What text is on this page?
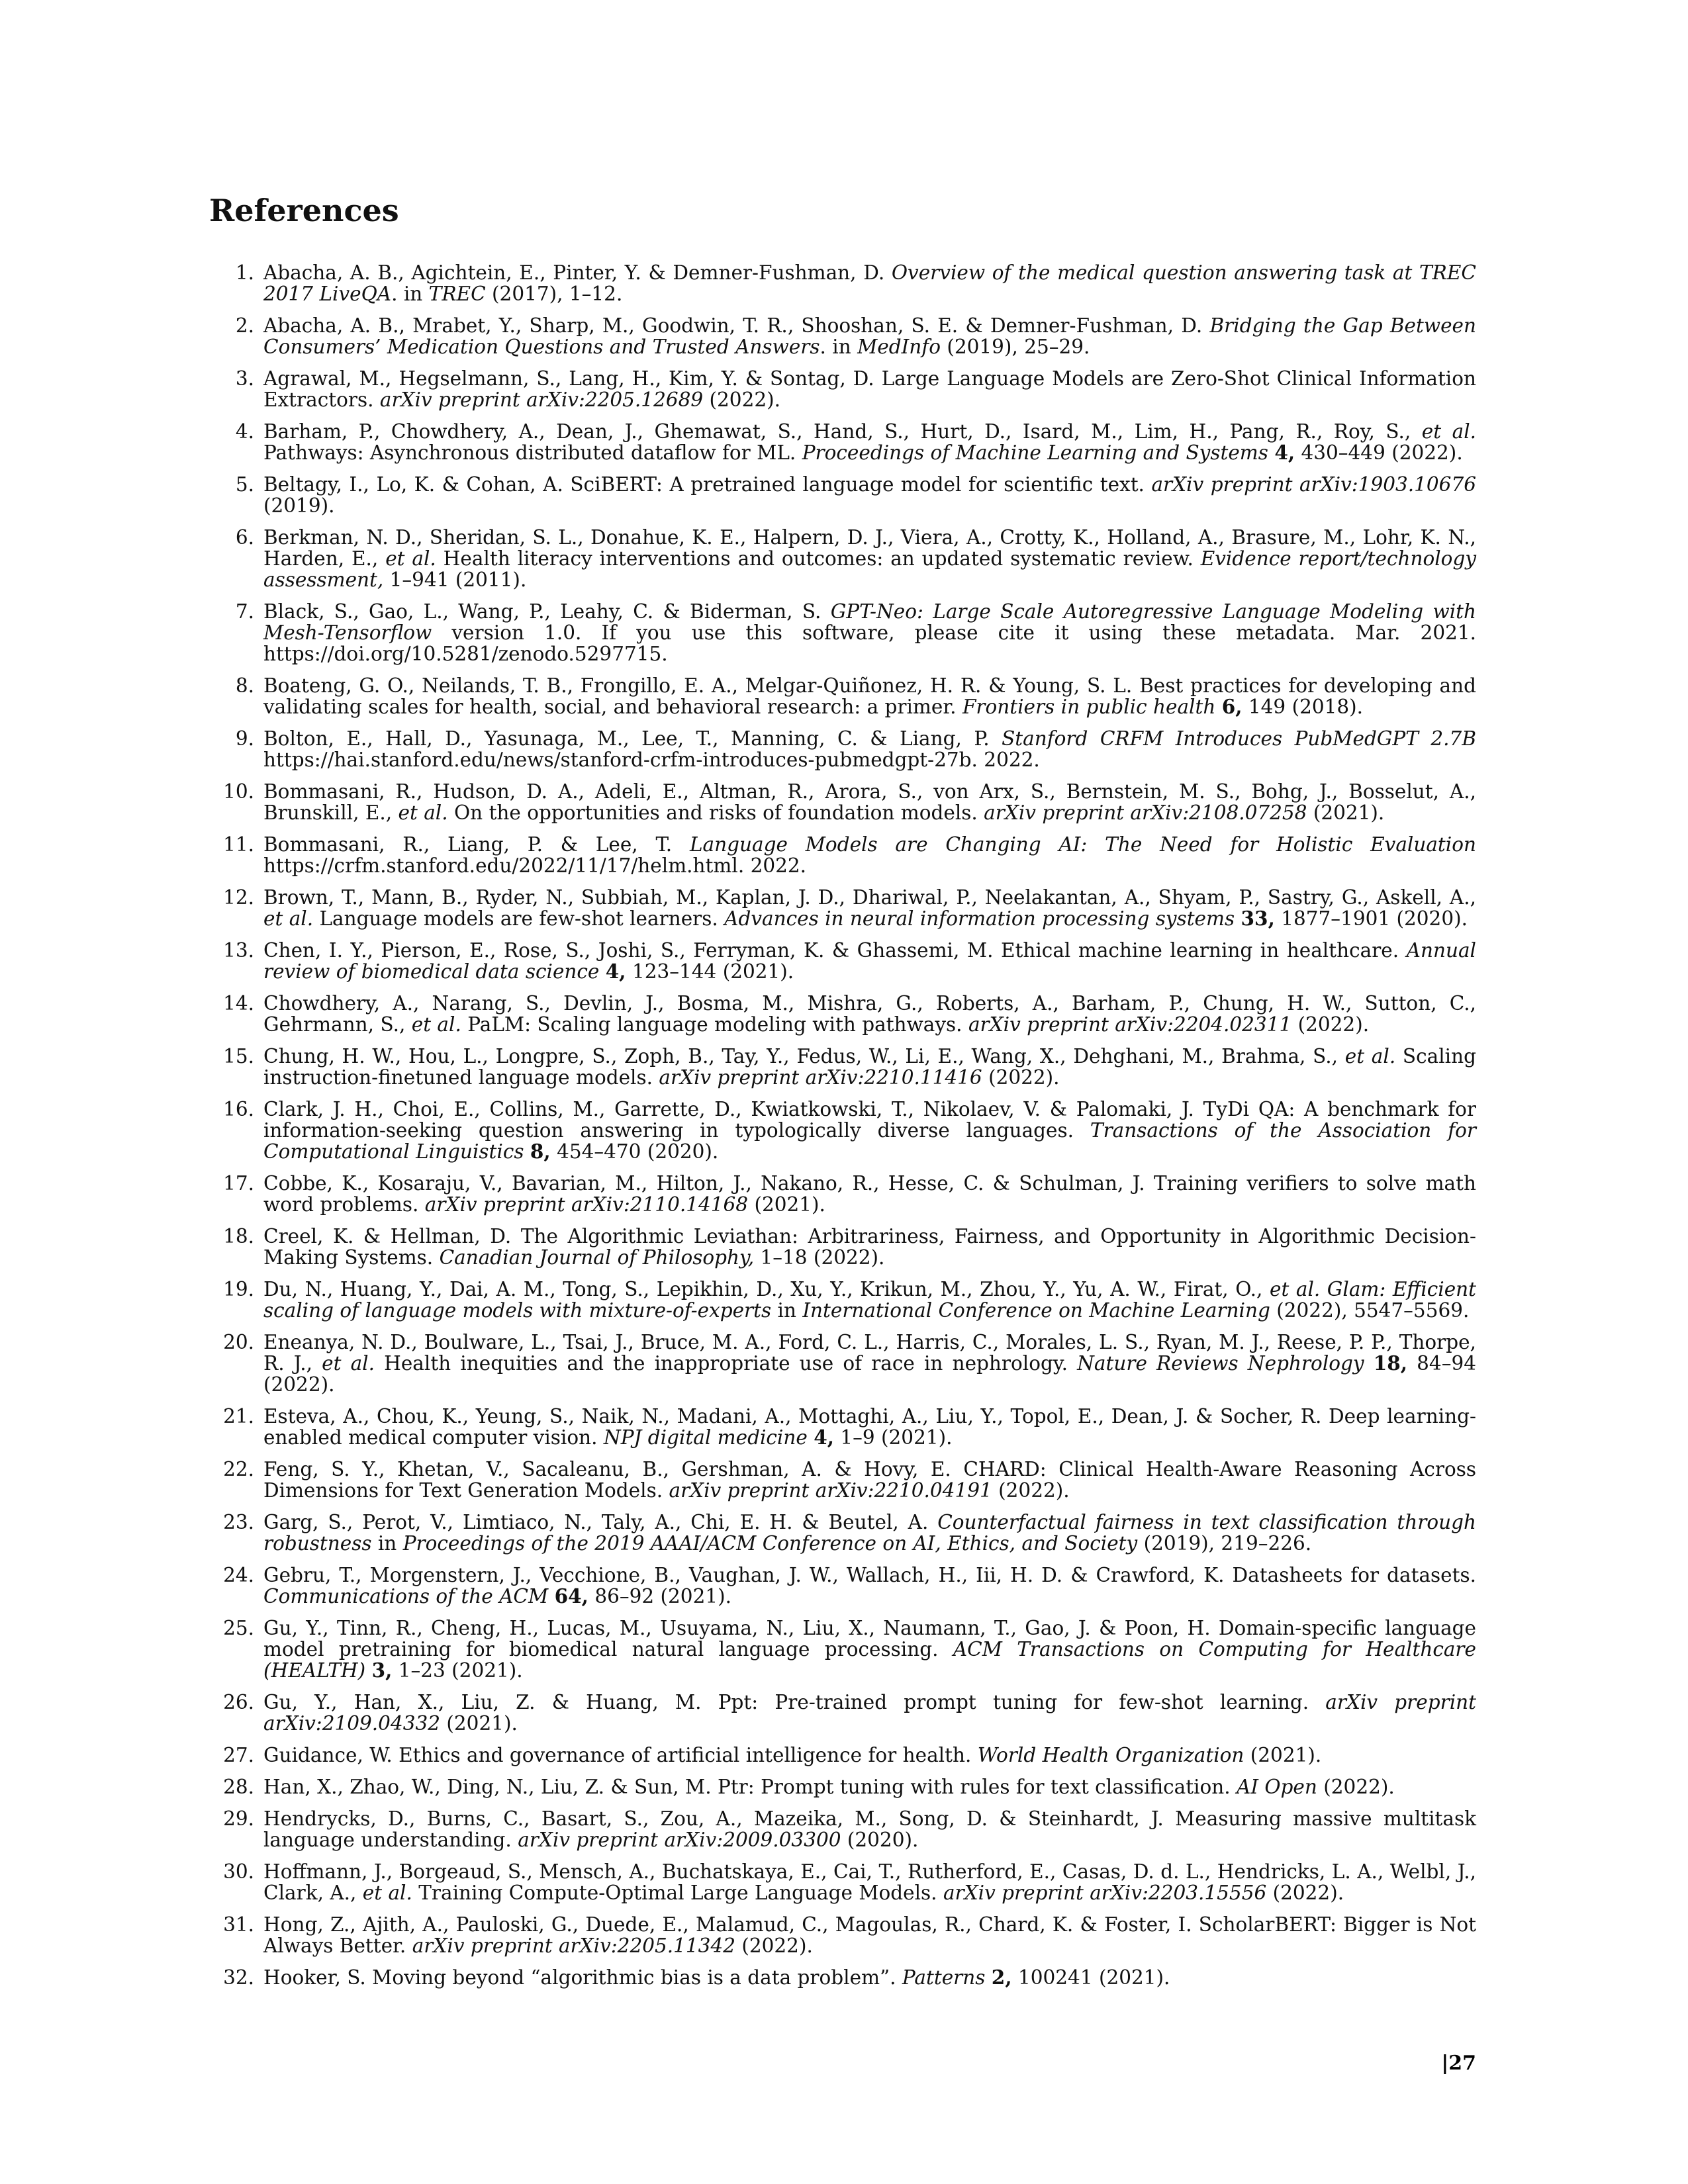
References
1. Abacha, A. B., Agichtein, E., Pinter, Y. & Demner-Fushman, D. Overview of the medical question answering task at TREC 2017 LiveQA. in TREC (2017), 1–12.
2. Abacha, A. B., Mrabet, Y., Sharp, M., Goodwin, T. R., Shooshan, S. E. & Demner-Fushman, D. Bridging the Gap Between Consumers’ Medication Questions and Trusted Answers. in MedInfo (2019), 25–29.
3. Agrawal, M., Hegselmann, S., Lang, H., Kim, Y. & Sontag, D. Large Language Models are Zero-Shot Clinical Information Extractors. arXiv preprint arXiv:2205.12689 (2022).
4. Barham, P., Chowdhery, A., Dean, J., Ghemawat, S., Hand, S., Hurt, D., Isard, M., Lim, H., Pang, R., Roy, S., et al. Pathways: Asynchronous distributed dataflow for ML. Proceedings of Machine Learning and Systems 4, 430–449 (2022).
5. Beltagy, I., Lo, K. & Cohan, A. SciBERT: A pretrained language model for scientific text. arXiv preprint arXiv:1903.10676 (2019).
6. Berkman, N. D., Sheridan, S. L., Donahue, K. E., Halpern, D. J., Viera, A., Crotty, K., Holland, A., Brasure, M., Lohr, K. N., Harden, E., et al. Health literacy interventions and outcomes: an updated systematic review. Evidence report/technology assessment, 1–941 (2011).
7. Black, S., Gao, L., Wang, P., Leahy, C. & Biderman, S. GPT-Neo: Large Scale Autoregressive Language Modeling with Mesh-Tensorflow version 1.0. If you use this software, please cite it using these metadata. Mar. 2021. https://doi.org/10.5281/zenodo.5297715.
8. Boateng, G. O., Neilands, T. B., Frongillo, E. A., Melgar-Quiñonez, H. R. & Young, S. L. Best practices for developing and validating scales for health, social, and behavioral research: a primer. Frontiers in public health 6, 149 (2018).
9. Bolton, E., Hall, D., Yasunaga, M., Lee, T., Manning, C. & Liang, P. Stanford CRFM Introduces PubMedGPT 2.7B https://hai.stanford.edu/news/stanford-crfm-introduces-pubmedgpt-27b. 2022.
10. Bommasani, R., Hudson, D. A., Adeli, E., Altman, R., Arora, S., von Arx, S., Bernstein, M. S., Bohg, J., Bosselut, A., Brunskill, E., et al. On the opportunities and risks of foundation models. arXiv preprint arXiv:2108.07258 (2021).
11. Bommasani, R., Liang, P. & Lee, T. Language Models are Changing AI: The Need for Holistic Evaluation https://crfm.stanford.edu/2022/11/17/helm.html. 2022.
12. Brown, T., Mann, B., Ryder, N., Subbiah, M., Kaplan, J. D., Dhariwal, P., Neelakantan, A., Shyam, P., Sastry, G., Askell, A., et al. Language models are few-shot learners. Advances in neural information processing systems 33, 1877–1901 (2020).
13. Chen, I. Y., Pierson, E., Rose, S., Joshi, S., Ferryman, K. & Ghassemi, M. Ethical machine learning in healthcare. Annual review of biomedical data science 4, 123–144 (2021).
14. Chowdhery, A., Narang, S., Devlin, J., Bosma, M., Mishra, G., Roberts, A., Barham, P., Chung, H. W., Sutton, C., Gehrmann, S., et al. PaLM: Scaling language modeling with pathways. arXiv preprint arXiv:2204.02311 (2022).
15. Chung, H. W., Hou, L., Longpre, S., Zoph, B., Tay, Y., Fedus, W., Li, E., Wang, X., Dehghani, M., Brahma, S., et al. Scaling instruction-finetuned language models. arXiv preprint arXiv:2210.11416 (2022).
16. Clark, J. H., Choi, E., Collins, M., Garrette, D., Kwiatkowski, T., Nikolaev, V. & Palomaki, J. TyDi QA: A benchmark for information-seeking question answering in typologically diverse languages. Transactions of the Association for Computational Linguistics 8, 454–470 (2020).
17. Cobbe, K., Kosaraju, V., Bavarian, M., Hilton, J., Nakano, R., Hesse, C. & Schulman, J. Training verifiers to solve math word problems. arXiv preprint arXiv:2110.14168 (2021).
18. Creel, K. & Hellman, D. The Algorithmic Leviathan: Arbitrariness, Fairness, and Opportunity in Algorithmic Decision-Making Systems. Canadian Journal of Philosophy, 1–18 (2022).
19. Du, N., Huang, Y., Dai, A. M., Tong, S., Lepikhin, D., Xu, Y., Krikun, M., Zhou, Y., Yu, A. W., Firat, O., et al. Glam: Efficient scaling of language models with mixture-of-experts in International Conference on Machine Learning (2022), 5547–5569.
20. Eneanya, N. D., Boulware, L., Tsai, J., Bruce, M. A., Ford, C. L., Harris, C., Morales, L. S., Ryan, M. J., Reese, P. P., Thorpe, R. J., et al. Health inequities and the inappropriate use of race in nephrology. Nature Reviews Nephrology 18, 84–94 (2022).
21. Esteva, A., Chou, K., Yeung, S., Naik, N., Madani, A., Mottaghi, A., Liu, Y., Topol, E., Dean, J. & Socher, R. Deep learning-enabled medical computer vision. NPJ digital medicine 4, 1–9 (2021).
22. Feng, S. Y., Khetan, V., Sacaleanu, B., Gershman, A. & Hovy, E. CHARD: Clinical Health-Aware Reasoning Across Dimensions for Text Generation Models. arXiv preprint arXiv:2210.04191 (2022).
23. Garg, S., Perot, V., Limtiaco, N., Taly, A., Chi, E. H. & Beutel, A. Counterfactual fairness in text classification through robustness in Proceedings of the 2019 AAAI/ACM Conference on AI, Ethics, and Society (2019), 219–226.
24. Gebru, T., Morgenstern, J., Vecchione, B., Vaughan, J. W., Wallach, H., Iii, H. D. & Crawford, K. Datasheets for datasets. Communications of the ACM 64, 86–92 (2021).
25. Gu, Y., Tinn, R., Cheng, H., Lucas, M., Usuyama, N., Liu, X., Naumann, T., Gao, J. & Poon, H. Domain-specific language model pretraining for biomedical natural language processing. ACM Transactions on Computing for Healthcare (HEALTH) 3, 1–23 (2021).
26. Gu, Y., Han, X., Liu, Z. & Huang, M. Ppt: Pre-trained prompt tuning for few-shot learning. arXiv preprint arXiv:2109.04332 (2021).
27. Guidance, W. Ethics and governance of artificial intelligence for health. World Health Organization (2021).
28. Han, X., Zhao, W., Ding, N., Liu, Z. & Sun, M. Ptr: Prompt tuning with rules for text classification. AI Open (2022).
29. Hendrycks, D., Burns, C., Basart, S., Zou, A., Mazeika, M., Song, D. & Steinhardt, J. Measuring massive multitask language understanding. arXiv preprint arXiv:2009.03300 (2020).
30. Hoffmann, J., Borgeaud, S., Mensch, A., Buchatskaya, E., Cai, T., Rutherford, E., Casas, D. d. L., Hendricks, L. A., Welbl, J., Clark, A., et al. Training Compute-Optimal Large Language Models. arXiv preprint arXiv:2203.15556 (2022).
31. Hong, Z., Ajith, A., Pauloski, G., Duede, E., Malamud, C., Magoulas, R., Chard, K. & Foster, I. ScholarBERT: Bigger is Not Always Better. arXiv preprint arXiv:2205.11342 (2022).
32. Hooker, S. Moving beyond “algorithmic bias is a data problem”. Patterns 2, 100241 (2021).
|27
